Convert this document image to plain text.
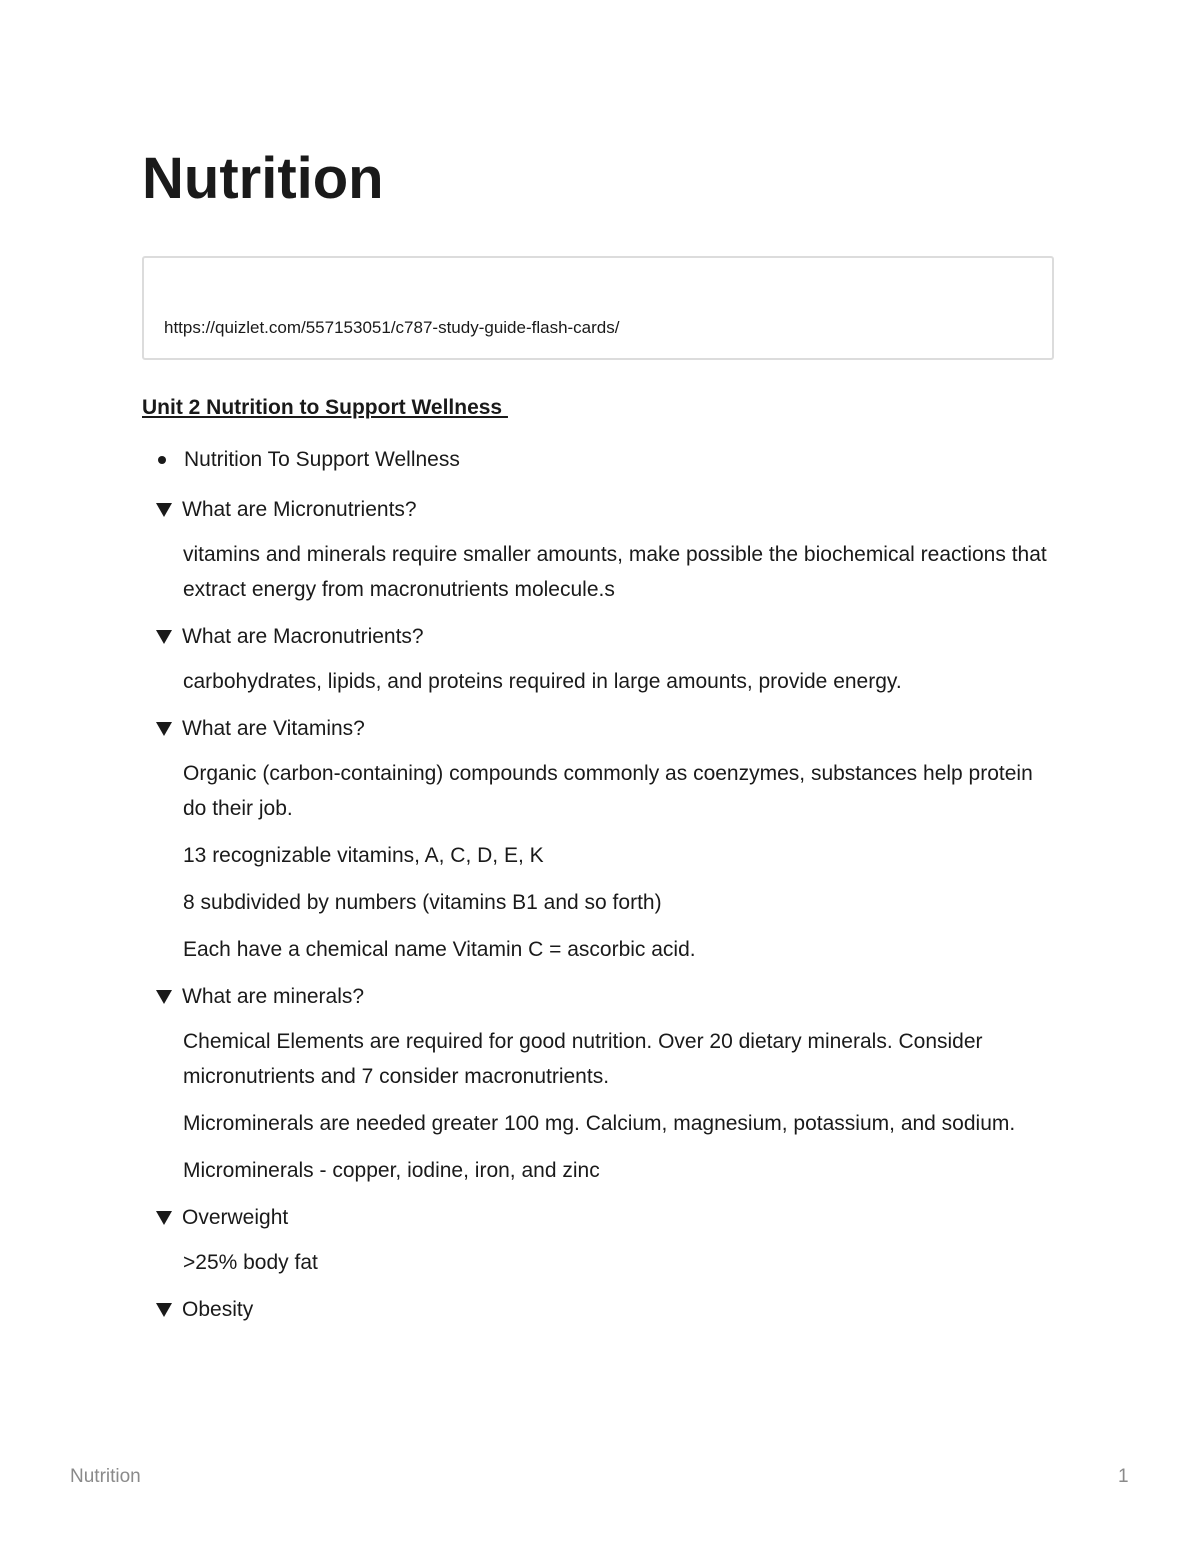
Nutrition
https://quizlet.com/557153051/c787-study-guide-flash-cards/
Unit 2 Nutrition to Support Wellness
Nutrition To Support Wellness
What are Micronutrients?

vitamins and minerals require smaller amounts, make possible the biochemical reactions that extract energy from macronutrients molecule.s

What are Macronutrients?

carbohydrates, lipids, and proteins required in large amounts, provide energy.

What are Vitamins?

Organic (carbon-containing) compounds commonly as coenzymes, substances help protein do their job.

13 recognizable vitamins, A, C, D, E, K

8 subdivided by numbers (vitamins B1 and so forth)

Each have a chemical name Vitamin C = ascorbic acid.

What are minerals?

Chemical Elements are required for good nutrition. Over 20 dietary minerals. Consider micronutrients and 7 consider macronutrients.

Microminerals are needed greater 100 mg. Calcium, magnesium, potassium, and sodium.

Microminerals - copper, iodine, iron, and zinc

Overweight

>25% body fat

Obesity
Nutrition	1
